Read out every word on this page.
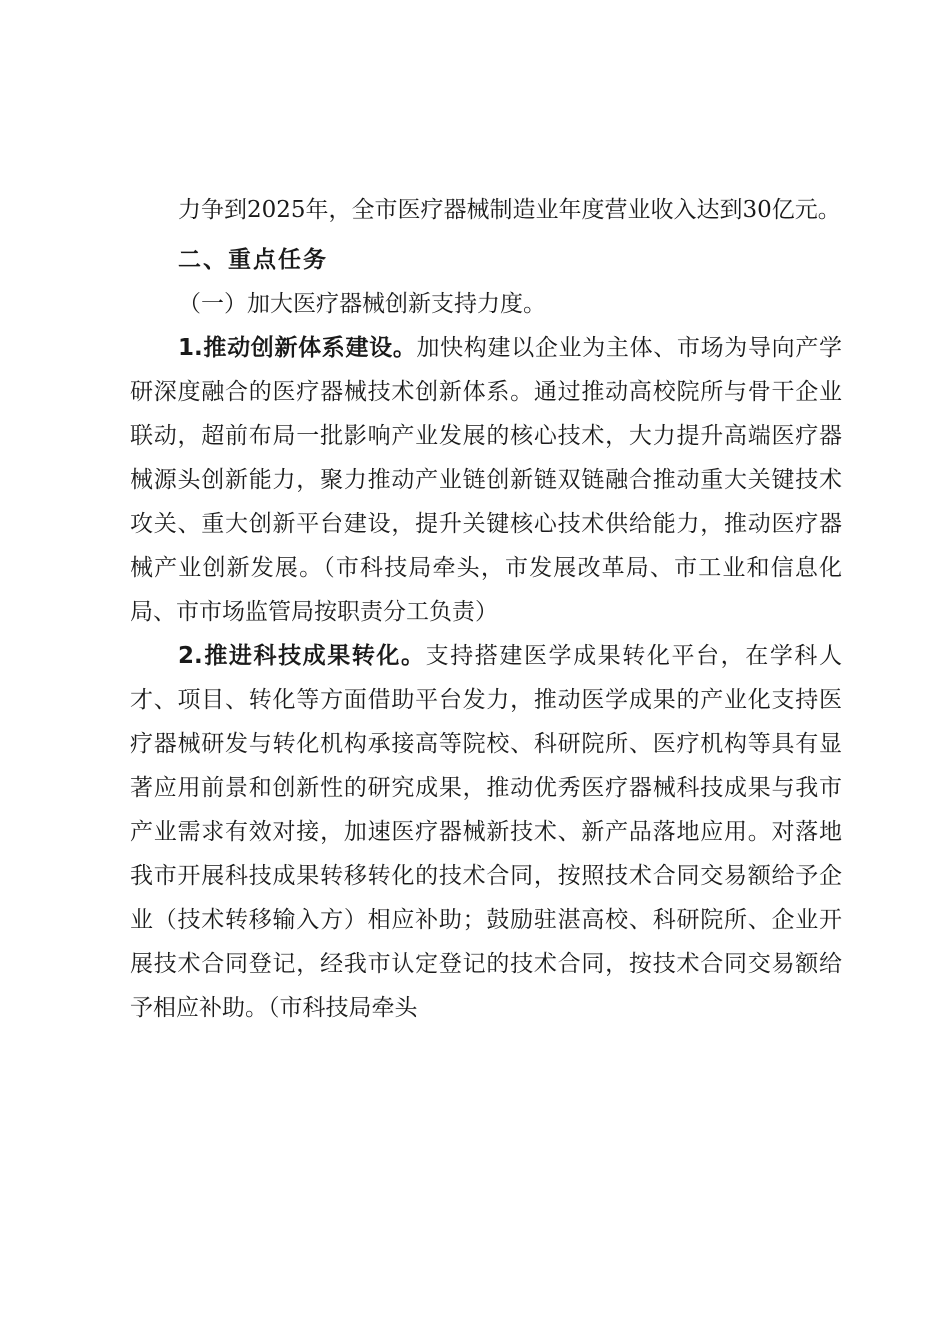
力争到2025年，全市医疗器械制造业年度营业收入达到30亿元。

二、重点任务

（一）加大医疗器械创新支持力度。

1.推动创新体系建设。加快构建以企业为主体、市场为导向产学研深度融合的医疗器械技术创新体系。通过推动高校院所与骨干企业联动，超前布局一批影响产业发展的核心技术，大力提升高端医疗器械源头创新能力，聚力推动产业链创新链双链融合推动重大关键技术攻关、重大创新平台建设，提升关键核心技术供给能力，推动医疗器械产业创新发展。（市科技局牵头，市发展改革局、市工业和信息化局、市市场监管局按职责分工负责）

2.推进科技成果转化。支持搭建医学成果转化平台，在学科人才、项目、转化等方面借助平台发力，推动医学成果的产业化支持医疗器械研发与转化机构承接高等院校、科研院所、医疗机构等具有显著应用前景和创新性的研究成果，推动优秀医疗器械科技成果与我市产业需求有效对接，加速医疗器械新技术、新产品落地应用。对落地我市开展科技成果转移转化的技术合同，按照技术合同交易额给予企业（技术转移输入方）相应补助；鼓励驻湛高校、科研院所、企业开展技术合同登记，经我市认定登记的技术合同，按技术合同交易额给予相应补助。（市科技局牵头
